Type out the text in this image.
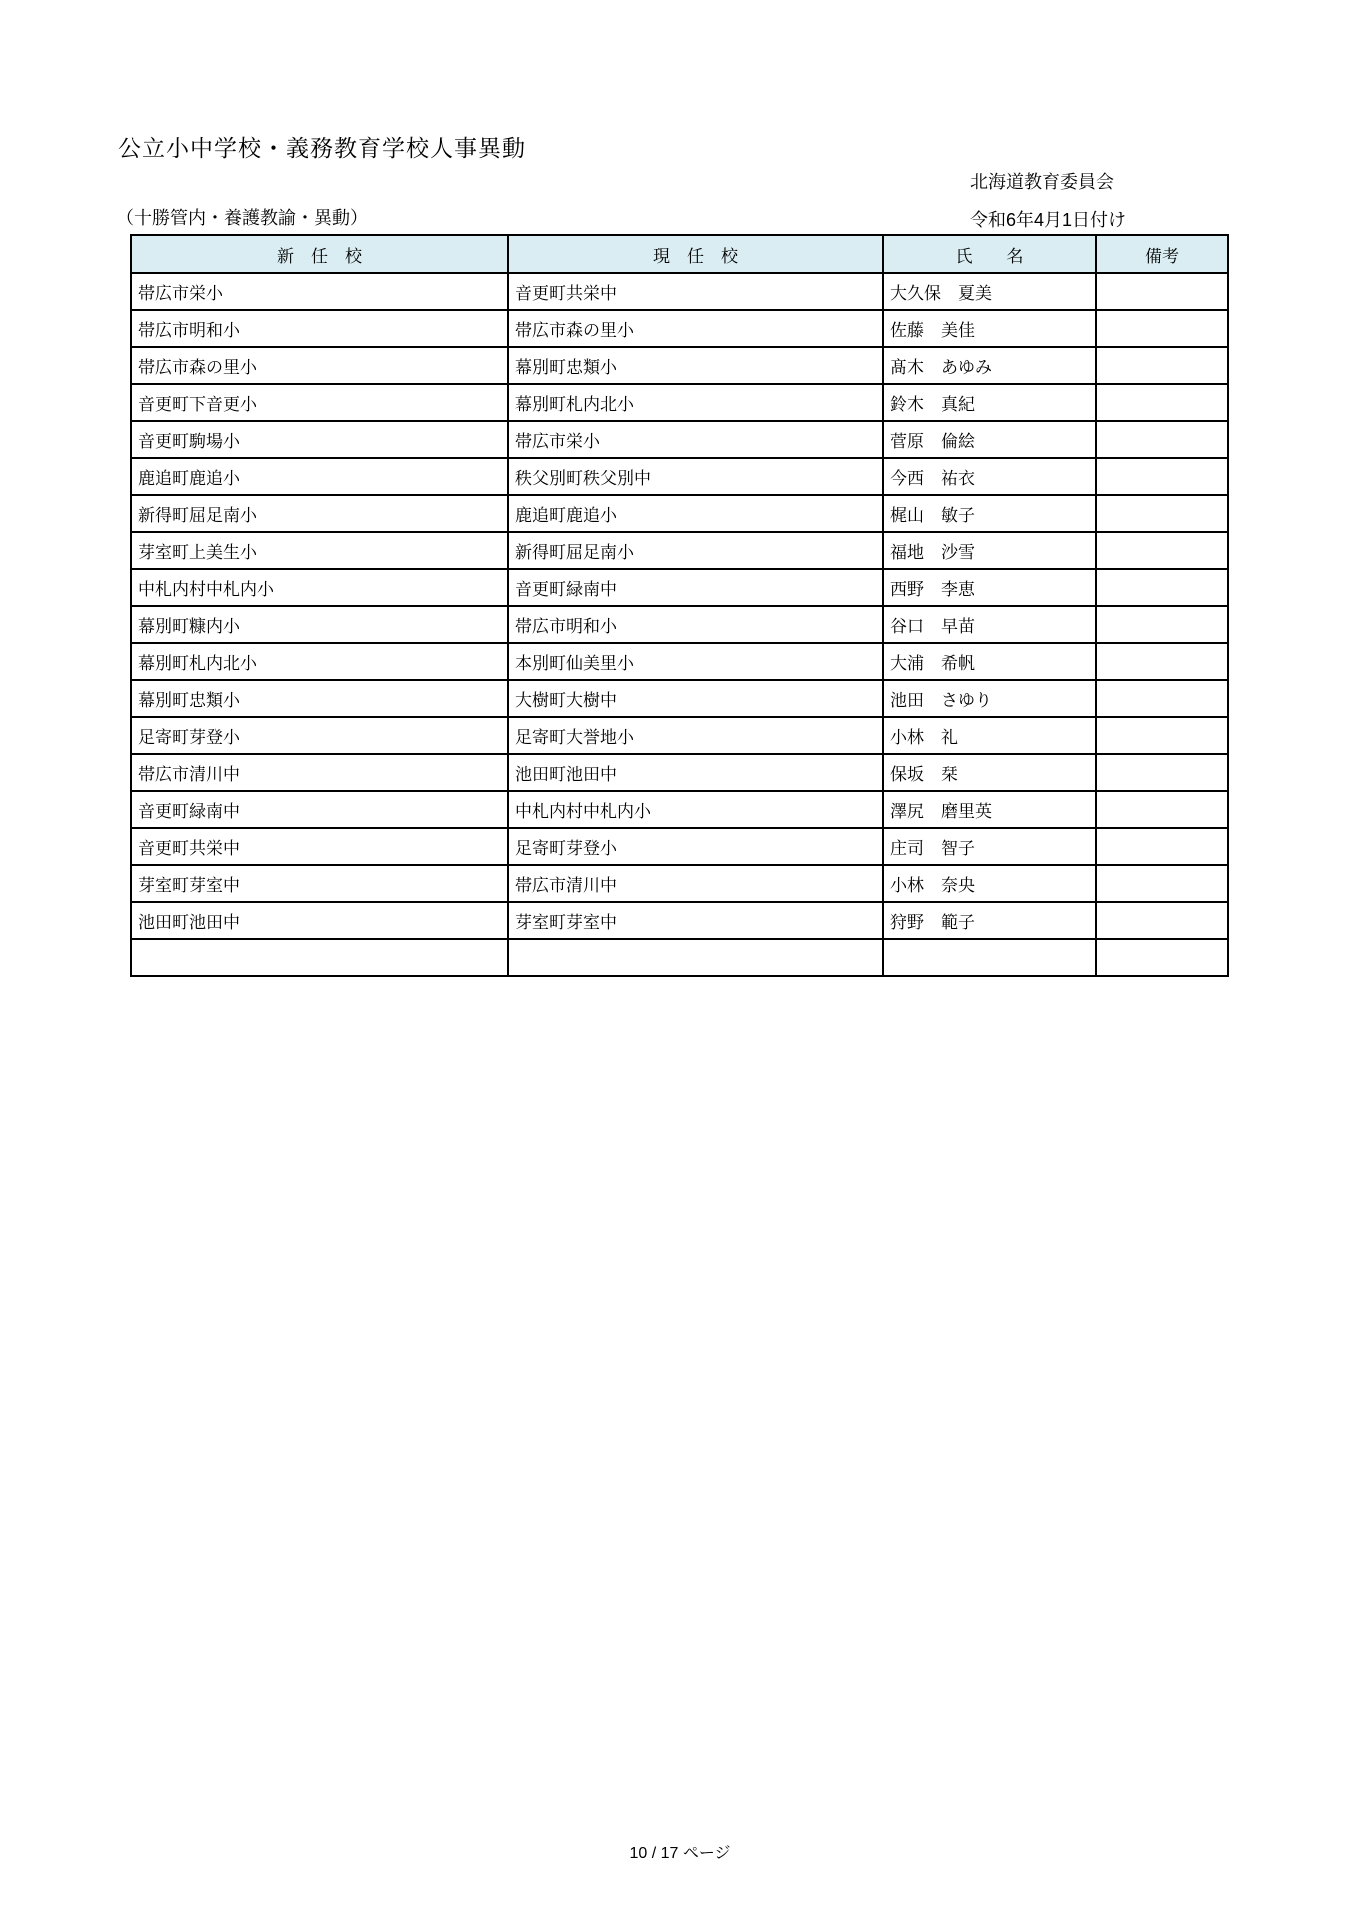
公立小中学校・義務教育学校人事異動
北海道教育委員会
（十勝管内・養護教諭・異動）	令和6年4月1日付け
新　任　校	現　任　校	氏　　名	備考
帯広市栄小	音更町共栄中	大久保　夏美	
帯広市明和小	帯広市森の里小	佐藤　美佳	
帯広市森の里小	幕別町忠類小	髙木　あゆみ	
音更町下音更小	幕別町札内北小	鈴木　真紀	
音更町駒場小	帯広市栄小	菅原　倫絵	
鹿追町鹿追小	秩父別町秩父別中	今西　祐衣	
新得町屈足南小	鹿追町鹿追小	梶山　敏子	
芽室町上美生小	新得町屈足南小	福地　沙雪	
中札内村中札内小	音更町緑南中	西野　李恵	
幕別町糠内小	帯広市明和小	谷口　早苗	
幕別町札内北小	本別町仙美里小	大浦　希帆	
幕別町忠類小	大樹町大樹中	池田　さゆり	
足寄町芽登小	足寄町大誉地小	小林　礼	
帯広市清川中	池田町池田中	保坂　栞	
音更町緑南中	中札内村中札内小	澤尻　磨里英	
音更町共栄中	足寄町芽登小	庄司　智子	
芽室町芽室中	帯広市清川中	小林　奈央	
池田町池田中	芽室町芽室中	狩野　範子	

10 / 17 ページ
